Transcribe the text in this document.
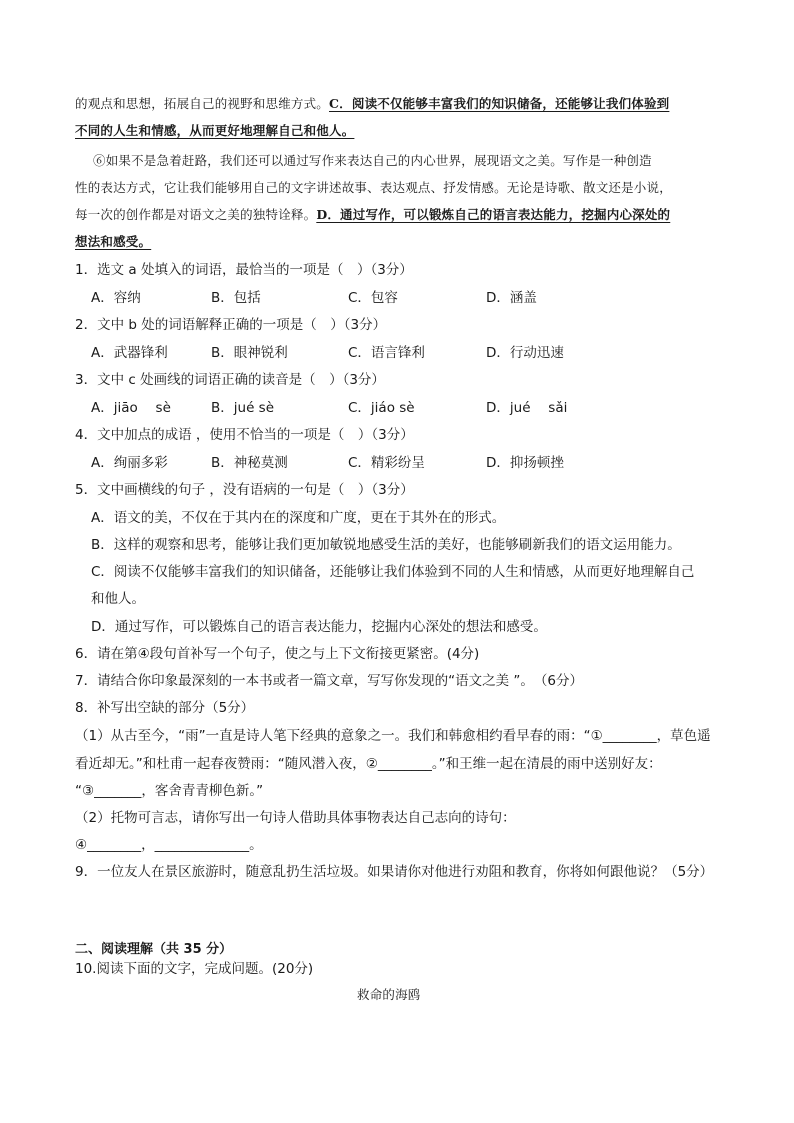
的观点和思想，拓展自己的视野和思维方式。C．阅读不仅能够丰富我们的知识储备，还能够让我们体验到
不同的人生和情感，从而更好地理解自己和他人。
⑥如果不是急着赶路，我们还可以通过写作来表达自己的内心世界，展现语文之美。写作是一种创造
性的表达方式，它让我们能够用自己的文字讲述故事、表达观点、抒发情感。无论是诗歌、散文还是小说，
每一次的创作都是对语文之美的独特诠释。D．通过写作，可以锻炼自己的语言表达能力，挖掘内心深处的
想法和感受。
1．选文 a 处填入的词语，最恰当的一项是（　）（3分）
A．容纳	B．包括	C．包容	D．涵盖
2．文中 b 处的词语解释正确的一项是（　）（3分）
A．武器锋利	B．眼神锐利	C．语言锋利	D．行动迅速
3．文中 c 处画线的词语正确的读音是（　）（3分）
A．jiāo　 sè	B．jué sè	C．jiáo sè	D．jué　 sǎi
4．文中加点的成语 ，使用不恰当的一项是（　）（3分）
A．绚丽多彩	B．神秘莫测	C．精彩纷呈	D．抑扬顿挫
5．文中画横线的句子 ，没有语病的一句是（　）（3分）
A．语文的美，不仅在于其内在的深度和广度，更在于其外在的形式。
B．这样的观察和思考，能够让我们更加敏锐地感受生活的美好，也能够刷新我们的语文运用能力。
C．阅读不仅能够丰富我们的知识储备，还能够让我们体验到不同的人生和情感，从而更好地理解自己
和他人。
D．通过写作，可以锻炼自己的语言表达能力，挖掘内心深处的想法和感受。
6．请在第④段句首补写一个句子，使之与上下文衔接更紧密。(4分)
7．请结合你印象最深刻的一本书或者一篇文章，写写你发现的“语文之美 ”。　（6分）
8．补写出空缺的部分（5分）
（1）从古至今，“雨”一直是诗人笔下经典的意象之一。我们和韩愈相约看早春的雨：“①________，草色遥
看近却无。”和杜甫一起春夜赞雨：“随风潜入夜，②________。”和王维一起在清晨的雨中送别好友：
“③_______，客舍青青柳色新。”
（2）托物可言志，请你写出一句诗人借助具体事物表达自己志向的诗句：
④________，______________。
9．一位友人在景区旅游时，随意乱扔生活垃圾。如果请你对他进行劝阻和教育，你将如何跟他说？（5分）
二、阅读理解（共 35 分）
10.阅读下面的文字，完成问题。(20分)
救命的海鸥
